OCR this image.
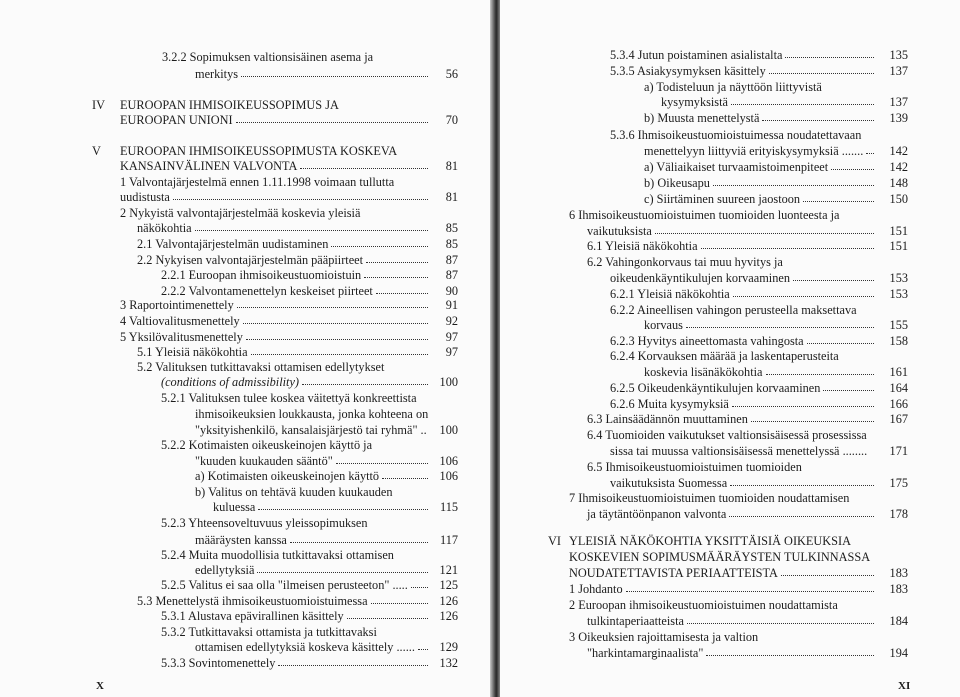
3.2.2 Sopimuksen valtionsisäinen asema ja
merkitys	56
IV EUROOPAN IHMISOIKEUSSOPIMUS JA
EUROOPAN UNIONI	70
V EUROOPAN IHMISOIKEUSSOPIMUSTA KOSKEVA
KANSAINVÄLINEN VALVONTA	81
1 Valvontajärjestelmä ennen 1.11.1998 voimaan tullutta
uudistusta	81
2 Nykyistä valvontajärjestelmää koskevia yleisiä
näkökohtia	85
2.1 Valvontajärjestelmän uudistaminen	85
2.2 Nykyisen valvontajärjestelmän pääpiirteet	87
2.2.1 Euroopan ihmisoikeustuomioistuin	87
2.2.2 Valvontamenettelyn keskeiset piirteet	90
3 Raportointimenettely	91
4 Valtiovalitusmenettely	92
5 Yksilövalitusmenettely	97
5.1 Yleisiä näkökohtia	97
5.2 Valituksen tutkittavaksi ottamisen edellytykset
(conditions of admissibility)	100
5.2.1 Valituksen tulee koskea väitettyä konkreettista
ihmisoikeuksien loukkausta, jonka kohteena on
"yksityishenkilö, kansalaisjärjestö tai ryhmä" ..	100
5.2.2 Kotimaisten oikeuskeinojen käyttö ja
"kuuden kuukauden sääntö"	106
a) Kotimaisten oikeuskeinojen käyttö	106
b) Valitus on tehtävä kuuden kuukauden
kuluessa	115
5.2.3 Yhteensoveltuvuus yleissopimuksen
määräysten kanssa	117
5.2.4 Muita muodollisia tutkittavaksi ottamisen
edellytyksiä	121
5.2.5 Valitus ei saa olla "ilmeisen perusteeton" .....	125
5.3 Menettelystä ihmisoikeustuomioistuimessa	126
5.3.1 Alustava epävirallinen käsittely	126
5.3.2 Tutkittavaksi ottamista ja tutkittavaksi
ottamisen edellytyksiä koskeva käsittely ......	129
5.3.3 Sovintomenettely	132
X
5.3.4 Jutun poistaminen asialistalta	135
5.3.5 Asiakysymyksen käsittely	137
a) Todisteluun ja näyttöön liittyvistä
kysymyksistä	137
b) Muusta menettelystä	139
5.3.6 Ihmisoikeustuomioistuimessa noudatettavaan
menettelyyn liittyviä erityiskysymyksiä .......	142
a) Väliaikaiset turvaamistoimenpiteet	142
b) Oikeusapu	148
c) Siirtäminen suureen jaostoon	150
6 Ihmisoikeustuomioistuimen tuomioiden luonteesta ja
vaikutuksista	151
6.1 Yleisiä näkökohtia	151
6.2 Vahingonkorvaus tai muu hyvitys ja
oikeudenkäyntikulujen korvaaminen	153
6.2.1 Yleisiä näkökohtia	153
6.2.2 Aineellisen vahingon perusteella maksettava
korvaus	155
6.2.3 Hyvitys aineettomasta vahingosta	158
6.2.4 Korvauksen määrää ja laskentaperusteita
koskevia lisänäkökohtia	161
6.2.5 Oikeudenkäyntikulujen korvaaminen	164
6.2.6 Muita kysymyksiä	166
6.3 Lainsäädännön muuttaminen	167
6.4 Tuomioiden vaikutukset valtionsisäisessä prosessissa
sissa tai muussa valtionsisäisessä menettelyssä ........	171
6.5 Ihmisoikeustuomioistuimen tuomioiden
vaikutuksista Suomessa	175
7 Ihmisoikeustuomioistuimen tuomioiden noudattamisen
ja täytäntöönpanon valvonta	178
VI YLEISIÄ NÄKÖKOHTIA YKSITTÄISIÄ OIKEUKSIA
KOSKEVIEN SOPIMUSMÄÄRÄYSTEN TULKINNASSA
NOUDATETTAVISTA PERIAATTEISTA	183
1 Johdanto	183
2 Euroopan ihmisoikeustuomioistuimen noudattamista
tulkintaperiaatteista	184
3 Oikeuksien rajoittamisesta ja valtion
"harkintamarginaalista"	194
XI
